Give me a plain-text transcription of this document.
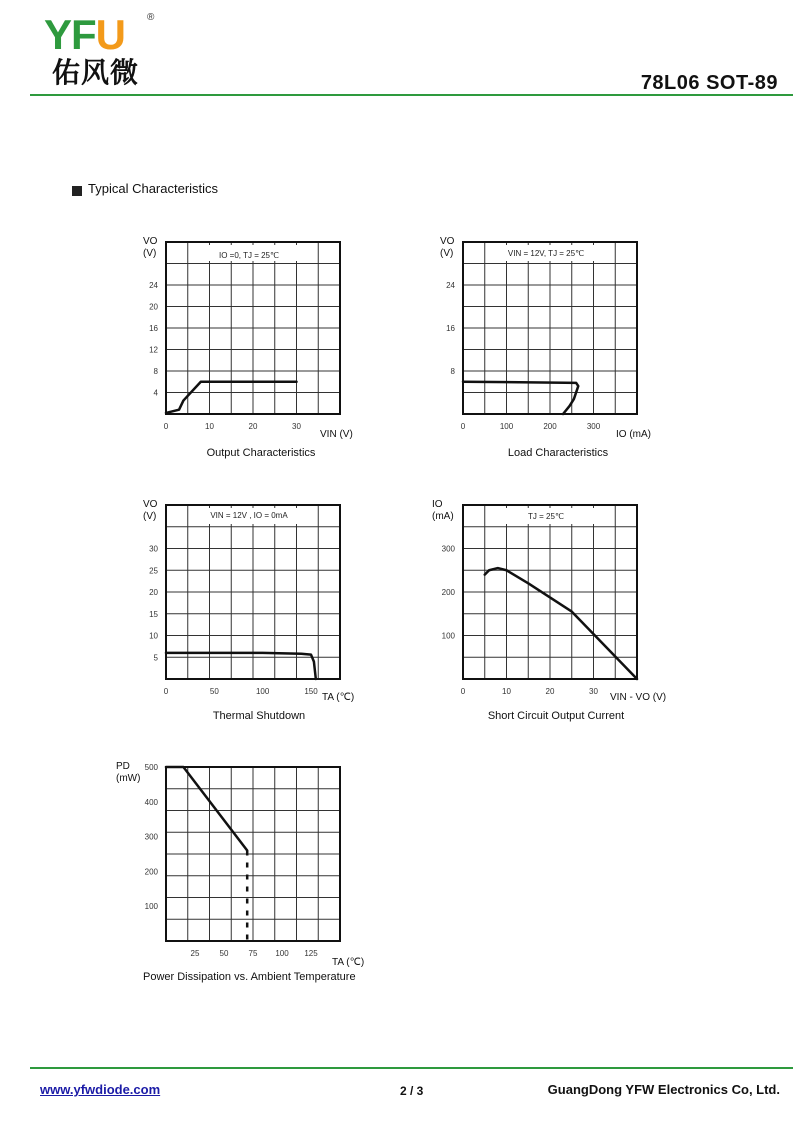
YFU ®
佑风微	78L06 SOT-89
Typical Characteristics
IO =0, TJ = 25℃
4
8
12
16
20
24
0	10	20	30
VO
(V)
VIN (V)
Output Characteristics
VIN = 12V, TJ = 25℃
8
16
24
0	100	200	300
VO
(V)
IO (mA)
Load Characteristics
VIN = 12V , IO = 0mA
5
10
15
20
25
30
0	50	100	150
VO
(V)
TA (℃)
Thermal Shutdown
TJ = 25℃
100
200
300
0	10	20	30
IO
(mA)
VIN - VO (V)
Short Circuit Output Current
500
400
300
200
100
25	50	75 100 125
PD
(mW)
TA (℃)
Power Dissipation vs. Ambient Temperature
www.yfwdiode.com	2 / 3	GuangDong YFW Electronics Co, Ltd.
